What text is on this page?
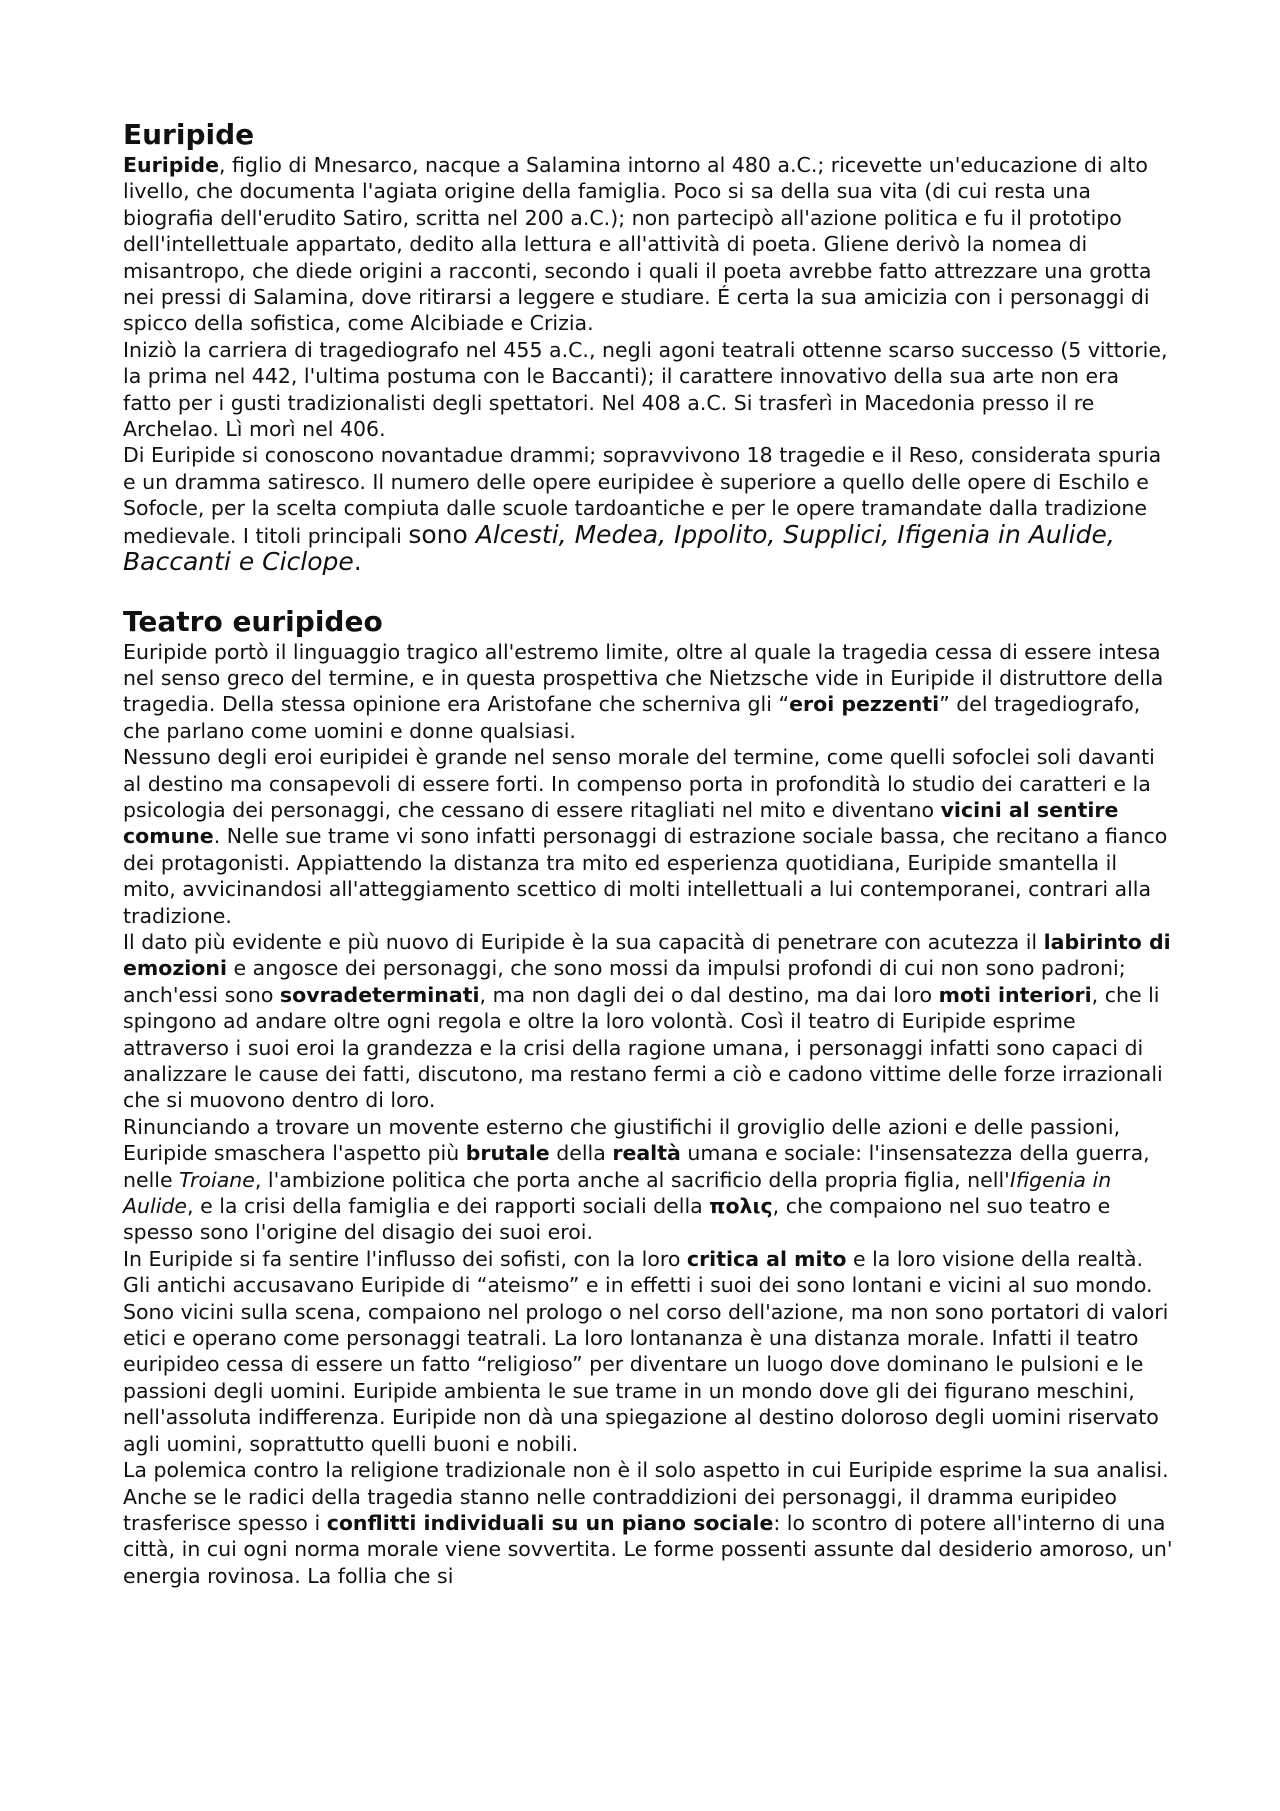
Euripide

Euripide, figlio di Mnesarco, nacque a Salamina intorno al 480 a.C.; ricevette un'educazione di alto livello, che documenta l'agiata origine della famiglia. Poco si sa della sua vita (di cui resta una biografia dell'erudito Satiro, scritta nel 200 a.C.); non partecipò all'azione politica e fu il prototipo dell'intellettuale appartato, dedito alla lettura e all'attività di poeta. Gliene derivò la nomea di misantropo, che diede origini a racconti, secondo i quali il poeta avrebbe fatto attrezzare una grotta nei pressi di Salamina, dove ritirarsi a leggere e studiare. É certa la sua amicizia con i personaggi di spicco della sofistica, come Alcibiade e Crizia.

Iniziò la carriera di tragediografo nel 455 a.C., negli agoni teatrali ottenne scarso successo (5 vittorie, la prima nel 442, l'ultima postuma con le Baccanti); il carattere innovativo della sua arte non era fatto per i gusti tradizionalisti degli spettatori. Nel 408 a.C. Si trasferì in Macedonia presso il re Archelao. Lì morì nel 406.

Di Euripide si conoscono novantadue drammi; sopravvivono 18 tragedie e il Reso, considerata spuria e un dramma satiresco. Il numero delle opere euripidee è superiore a quello delle opere di Eschilo e Sofocle, per la scelta compiuta dalle scuole tardoantiche e per le opere tramandate dalla tradizione medievale. I titoli principali sono Alcesti, Medea, Ippolito, Supplici, Ifigenia in Aulide, Baccanti e Ciclope.

Teatro euripideo

Euripide portò il linguaggio tragico all'estremo limite, oltre al quale la tragedia cessa di essere intesa nel senso greco del termine, e in questa prospettiva che Nietzsche vide in Euripide il distruttore della tragedia. Della stessa opinione era Aristofane che scherniva gli “eroi pezzenti” del tragediografo, che parlano come uomini e donne qualsiasi.

Nessuno degli eroi euripidei è grande nel senso morale del termine, come quelli sofoclei soli davanti al destino ma consapevoli di essere forti. In compenso porta in profondità lo studio dei caratteri e la psicologia dei personaggi, che cessano di essere ritagliati nel mito e diventano vicini al sentire comune. Nelle sue trame vi sono infatti personaggi di estrazione sociale bassa, che recitano a fianco dei protagonisti. Appiattendo la distanza tra mito ed esperienza quotidiana, Euripide smantella il mito, avvicinandosi all'atteggiamento scettico di molti intellettuali a lui contemporanei, contrari alla tradizione.

Il dato più evidente e più nuovo di Euripide è la sua capacità di penetrare con acutezza il labirinto di emozioni e angosce dei personaggi, che sono mossi da impulsi profondi di cui non sono padroni; anch'essi sono sovradeterminati, ma non dagli dei o dal destino, ma dai loro moti interiori, che li spingono ad andare oltre ogni regola e oltre la loro volontà. Così il teatro di Euripide esprime attraverso i suoi eroi la grandezza e la crisi della ragione umana, i personaggi infatti sono capaci di analizzare le cause dei fatti, discutono, ma restano fermi a ciò e cadono vittime delle forze irrazionali che si muovono dentro di loro.

Rinunciando a trovare un movente esterno che giustifichi il groviglio delle azioni e delle passioni, Euripide smaschera l'aspetto più brutale della realtà umana e sociale: l'insensatezza della guerra, nelle Troiane, l'ambizione politica che porta anche al sacrificio della propria figlia, nell'Ifigenia in Aulide, e la crisi della famiglia e dei rapporti sociali della πολις, che compaiono nel suo teatro e spesso sono l'origine del disagio dei suoi eroi.

In Euripide si fa sentire l'influsso dei sofisti, con la loro critica al mito e la loro visione della realtà. Gli antichi accusavano Euripide di “ateismo” e in effetti i suoi dei sono lontani e vicini al suo mondo. Sono vicini sulla scena, compaiono nel prologo o nel corso dell'azione, ma non sono portatori di valori etici e operano come personaggi teatrali. La loro lontananza è una distanza morale. Infatti il teatro euripideo cessa di essere un fatto “religioso” per diventare un luogo dove dominano le pulsioni e le passioni degli uomini. Euripide ambienta le sue trame in un mondo dove gli dei figurano meschini, nell'assoluta indifferenza. Euripide non dà una spiegazione al destino doloroso degli uomini riservato agli uomini, soprattutto quelli buoni e nobili.

La polemica contro la religione tradizionale non è il solo aspetto in cui Euripide esprime la sua analisi. Anche se le radici della tragedia stanno nelle contraddizioni dei personaggi, il dramma euripideo trasferisce spesso i conflitti individuali su un piano sociale: lo scontro di potere all'interno di una città, in cui ogni norma morale viene sovvertita. Le forme possenti assunte dal desiderio amoroso, un' energia rovinosa. La follia che si
